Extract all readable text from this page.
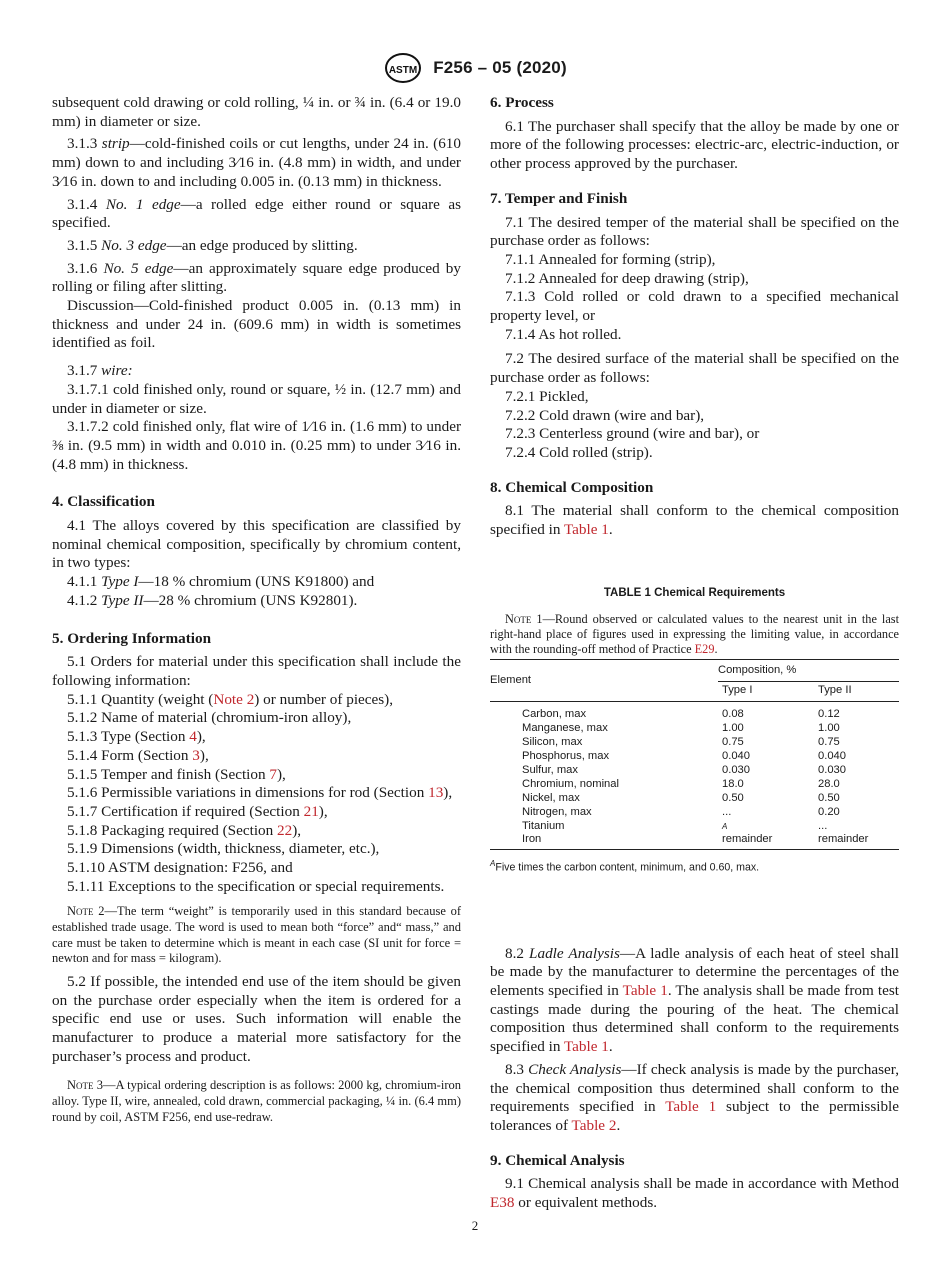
ASTM F256 – 05 (2020)

subsequent cold drawing or cold rolling, ¼ in. or ¾ in. (6.4 or 19.0 mm) in diameter or size.

3.1.3 strip—cold-finished coils or cut lengths, under 24 in. (610 mm) down to and including 3⁄16 in. (4.8 mm) in width, and under 3⁄16 in. down to and including 0.005 in. (0.13 mm) in thickness.

3.1.4 No. 1 edge—a rolled edge either round or square as specified.

3.1.5 No. 3 edge—an edge produced by slitting.

3.1.6 No. 5 edge—an approximately square edge produced by rolling or filing after slitting.

Discussion—Cold-finished product 0.005 in. (0.13 mm) in thickness and under 24 in. (609.6 mm) in width is sometimes identified as foil.

3.1.7 wire:

3.1.7.1 cold finished only, round or square, ½ in. (12.7 mm) and under in diameter or size.

3.1.7.2 cold finished only, flat wire of 1⁄16 in. (1.6 mm) to under ⅜ in. (9.5 mm) in width and 0.010 in. (0.25 mm) to under 3⁄16 in. (4.8 mm) in thickness.

4. Classification

4.1 The alloys covered by this specification are classified by nominal chemical composition, specifically by chromium content, in two types:

4.1.1 Type I—18 % chromium (UNS K91800) and

4.1.2 Type II—28 % chromium (UNS K92801).

5. Ordering Information

5.1 Orders for material under this specification shall include the following information:

5.1.1 Quantity (weight (Note 2) or number of pieces),

5.1.2 Name of material (chromium-iron alloy),

5.1.3 Type (Section 4),

5.1.4 Form (Section 3),

5.1.5 Temper and finish (Section 7),

5.1.6 Permissible variations in dimensions for rod (Section 13),

5.1.7 Certification if required (Section 21),

5.1.8 Packaging required (Section 22),

5.1.9 Dimensions (width, thickness, diameter, etc.),

5.1.10 ASTM designation: F256, and

5.1.11 Exceptions to the specification or special requirements.

Note 2—The term “weight” is temporarily used in this standard because of established trade usage. The word is used to mean both “force” and“ mass,” and care must be taken to determine which is meant in each case (SI unit for force = newton and for mass = kilogram).

5.2 If possible, the intended end use of the item should be given on the purchase order especially when the item is ordered for a specific end use or uses. Such information will enable the manufacturer to produce a material more satisfactory for the purchaser’s process and product.

Note 3—A typical ordering description is as follows: 2000 kg, chromium-iron alloy. Type II, wire, annealed, cold drawn, commercial packaging, ¼ in. (6.4 mm) round by coil, ASTM F256, end use-redraw.

6. Process

6.1 The purchaser shall specify that the alloy be made by one or more of the following processes: electric-arc, electric-induction, or other process approved by the purchaser.

7. Temper and Finish

7.1 The desired temper of the material shall be specified on the purchase order as follows:

7.1.1 Annealed for forming (strip),

7.1.2 Annealed for deep drawing (strip),

7.1.3 Cold rolled or cold drawn to a specified mechanical property level, or

7.1.4 As hot rolled.

7.2 The desired surface of the material shall be specified on the purchase order as follows:

7.2.1 Pickled,

7.2.2 Cold drawn (wire and bar),

7.2.3 Centerless ground (wire and bar), or

7.2.4 Cold rolled (strip).

8. Chemical Composition

8.1 The material shall conform to the chemical composition specified in Table 1.

TABLE 1 Chemical Requirements

Note 1—Round observed or calculated values to the nearest unit in the last right-hand place of figures used in expressing the limiting value, in accordance with the rounding-off method of Practice E29.

Element	Composition, %	
	Type I	Type II
Carbon, max	0.08	0.12
Manganese, max	1.00	1.00
Silicon, max	0.75	0.75
Phosphorus, max	0.040	0.040
Sulfur, max	0.030	0.030
Chromium, nominal	18.0	28.0
Nickel, max	0.50	0.50
Nitrogen, max	...	0.20
Titanium	A	...
Iron	remainder	remainder

$^A$Five times the carbon content, minimum, and 0.60, max.

8.2 Ladle Analysis—A ladle analysis of each heat of steel shall be made by the manufacturer to determine the percentages of the elements specified in Table 1. The analysis shall be made from test castings made during the pouring of the heat. The chemical composition thus determined shall conform to the requirements specified in Table 1.

8.3 Check Analysis—If check analysis is made by the purchaser, the chemical composition thus determined shall conform to the requirements specified in Table 1 subject to the permissible tolerances of Table 2.

9. Chemical Analysis

9.1 Chemical analysis shall be made in accordance with Method E38 or equivalent methods.

2
